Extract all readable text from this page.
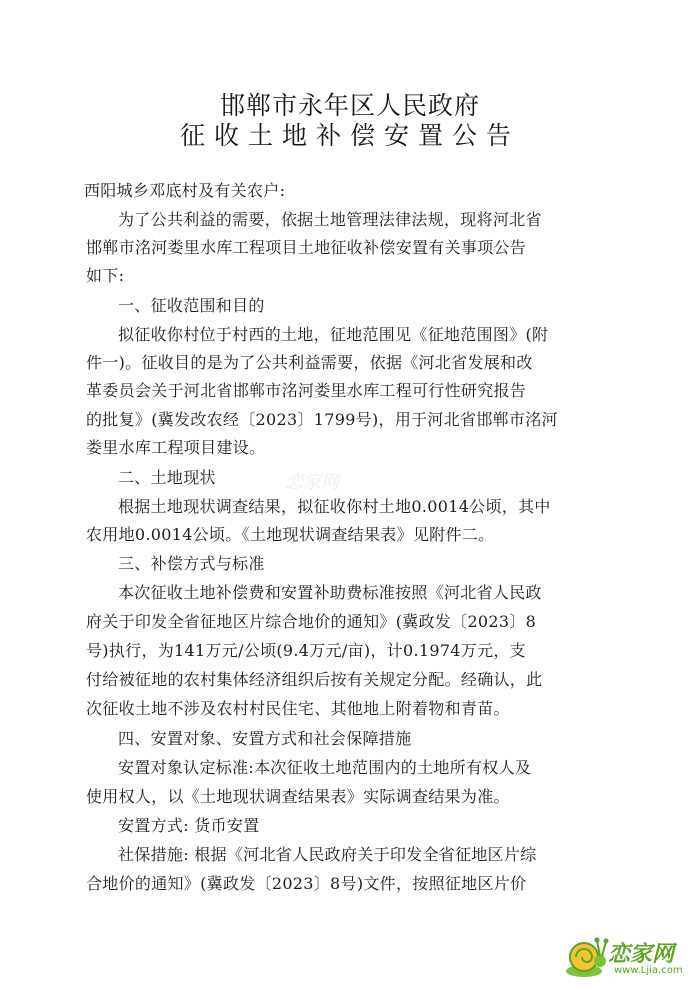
邯郸市永年区人民政府
征收土地补偿安置公告
西阳城乡邓底村及有关农户:
为了公共利益的需要，依据土地管理法律法规，现将河北省
邯郸市洺河娄里水库工程项目土地征收补偿安置有关事项公告
如下:
一、征收范围和目的
拟征收你村位于村西的土地，征地范围见《征地范围图》(附
件一)。征收目的是为了公共利益需要，依据《河北省发展和改
革委员会关于河北省邯郸市洺河娄里水库工程可行性研究报告
的批复》(冀发改农经〔2023〕1799号)，用于河北省邯郸市洺河
娄里水库工程项目建设。
二、土地现状
根据土地现状调查结果，拟征收你村土地0.0014公顷，其中
农用地0.0014公顷。《土地现状调查结果表》见附件二。
三、补偿方式与标准
本次征收土地补偿费和安置补助费标准按照《河北省人民政
府关于印发全省征地区片综合地价的通知》(冀政发〔2023〕8
号)执行，为141万元/公顷(9.4万元/亩)，计0.1974万元，支
付给被征地的农村集体经济组织后按有关规定分配。经确认，此
次征收土地不涉及农村村民住宅、其他地上附着物和青苗。
四、安置对象、安置方式和社会保障措施
安置对象认定标准:本次征收土地范围内的土地所有权人及
使用权人，以《土地现状调查结果表》实际调查结果为准。
安置方式: 货币安置
社保措施: 根据《河北省人民政府关于印发全省征地区片综
合地价的通知》(冀政发〔2023〕8号)文件，按照征地区片价
恋家网
恋家网
www.Ljia.com
